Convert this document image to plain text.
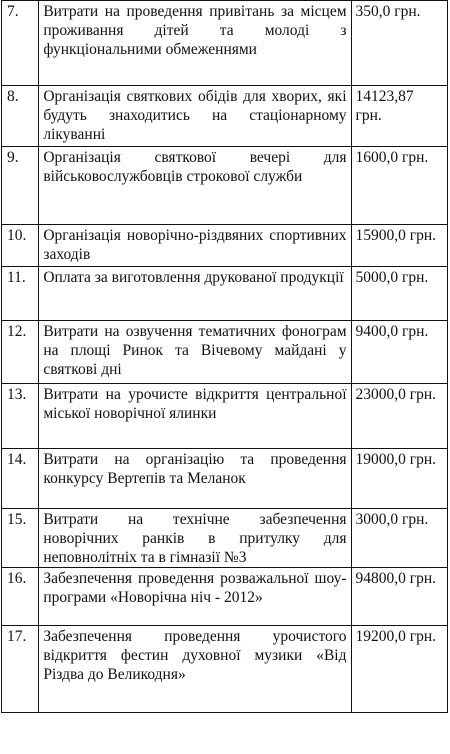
7.	Витрати на проведення привітань за місцем проживання дітей та молоді з функціональними обмеженнями	350,0 грн.
8.	Організація святкових обідів для хворих, які будуть знаходитись на стаціонарному лікуванні	14123,87 грн.
9.	Організація святкової вечері для військовослужбовців строкової служби	1600,0 грн.
10.	Організація новорічно-різдвяних спортивних заходів	15900,0 грн.
11.	Оплата за виготовлення друкованої продукції	5000,0 грн.
12.	Витрати на озвучення тематичних фонограм на площі Ринок та Вічевому майдані у святкові дні	9400,0 грн.
13.	Витрати на урочисте відкриття центральної міської новорічної ялинки	23000,0 грн.
14.	Витрати на організацію та проведення конкурсу Вертепів та Меланок	19000,0 грн.
15.	Витрати на технічне забезпечення новорічних ранків в притулку для неповнолітніх та в гімназії №3	3000,0 грн.
16.	Забезпечення проведення розважальної шоу-програми «Новорічна ніч - 2012»	94800,0 грн.
17.	Забезпечення проведення урочистого відкриття фестин духовної музики «Від Різдва до Великодня»	19200,0 грн.
